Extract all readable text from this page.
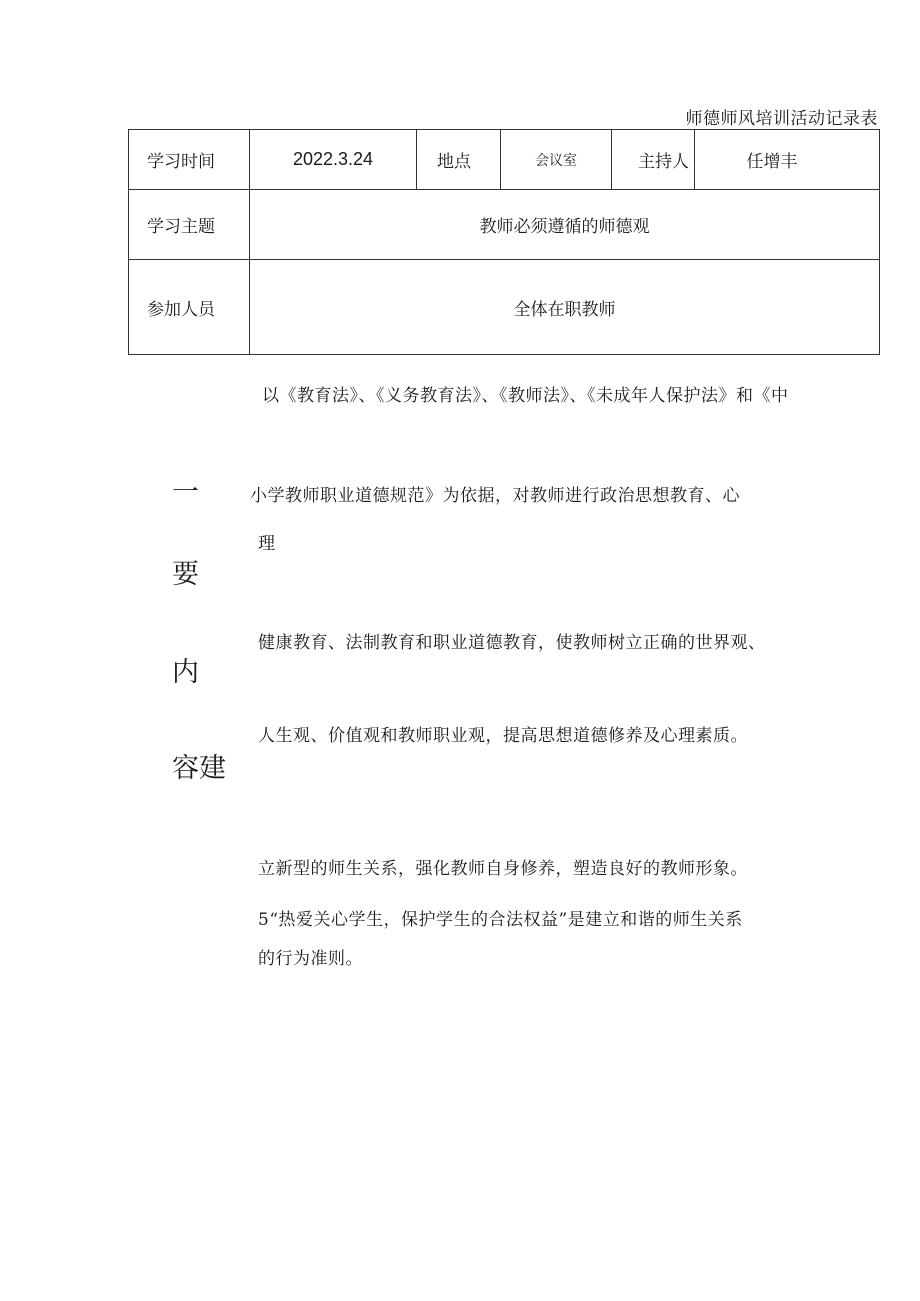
师德师风培训活动记录表
学习时间	2022.3.24	地点	会议室	主持人	任增丰
学习主题	教师必须遵循的师德观				
参加人员	全体在职教师				
以《教育法》、《义务教育法》、《教师法》、《未成年人保护法》和《中
一	小学教师职业道德规范》为依据，对教师进行政治思想教育、心
理
要
健康教育、法制教育和职业道德教育，使教师树立正确的世界观、
内
人生观、价值观和教师职业观，提高思想道德修养及心理素质。
容建
立新型的师生关系，强化教师自身修养，塑造良好的教师形象。
5“热爱关心学生，保护学生的合法权益”是建立和谐的师生关系
的行为准则。
